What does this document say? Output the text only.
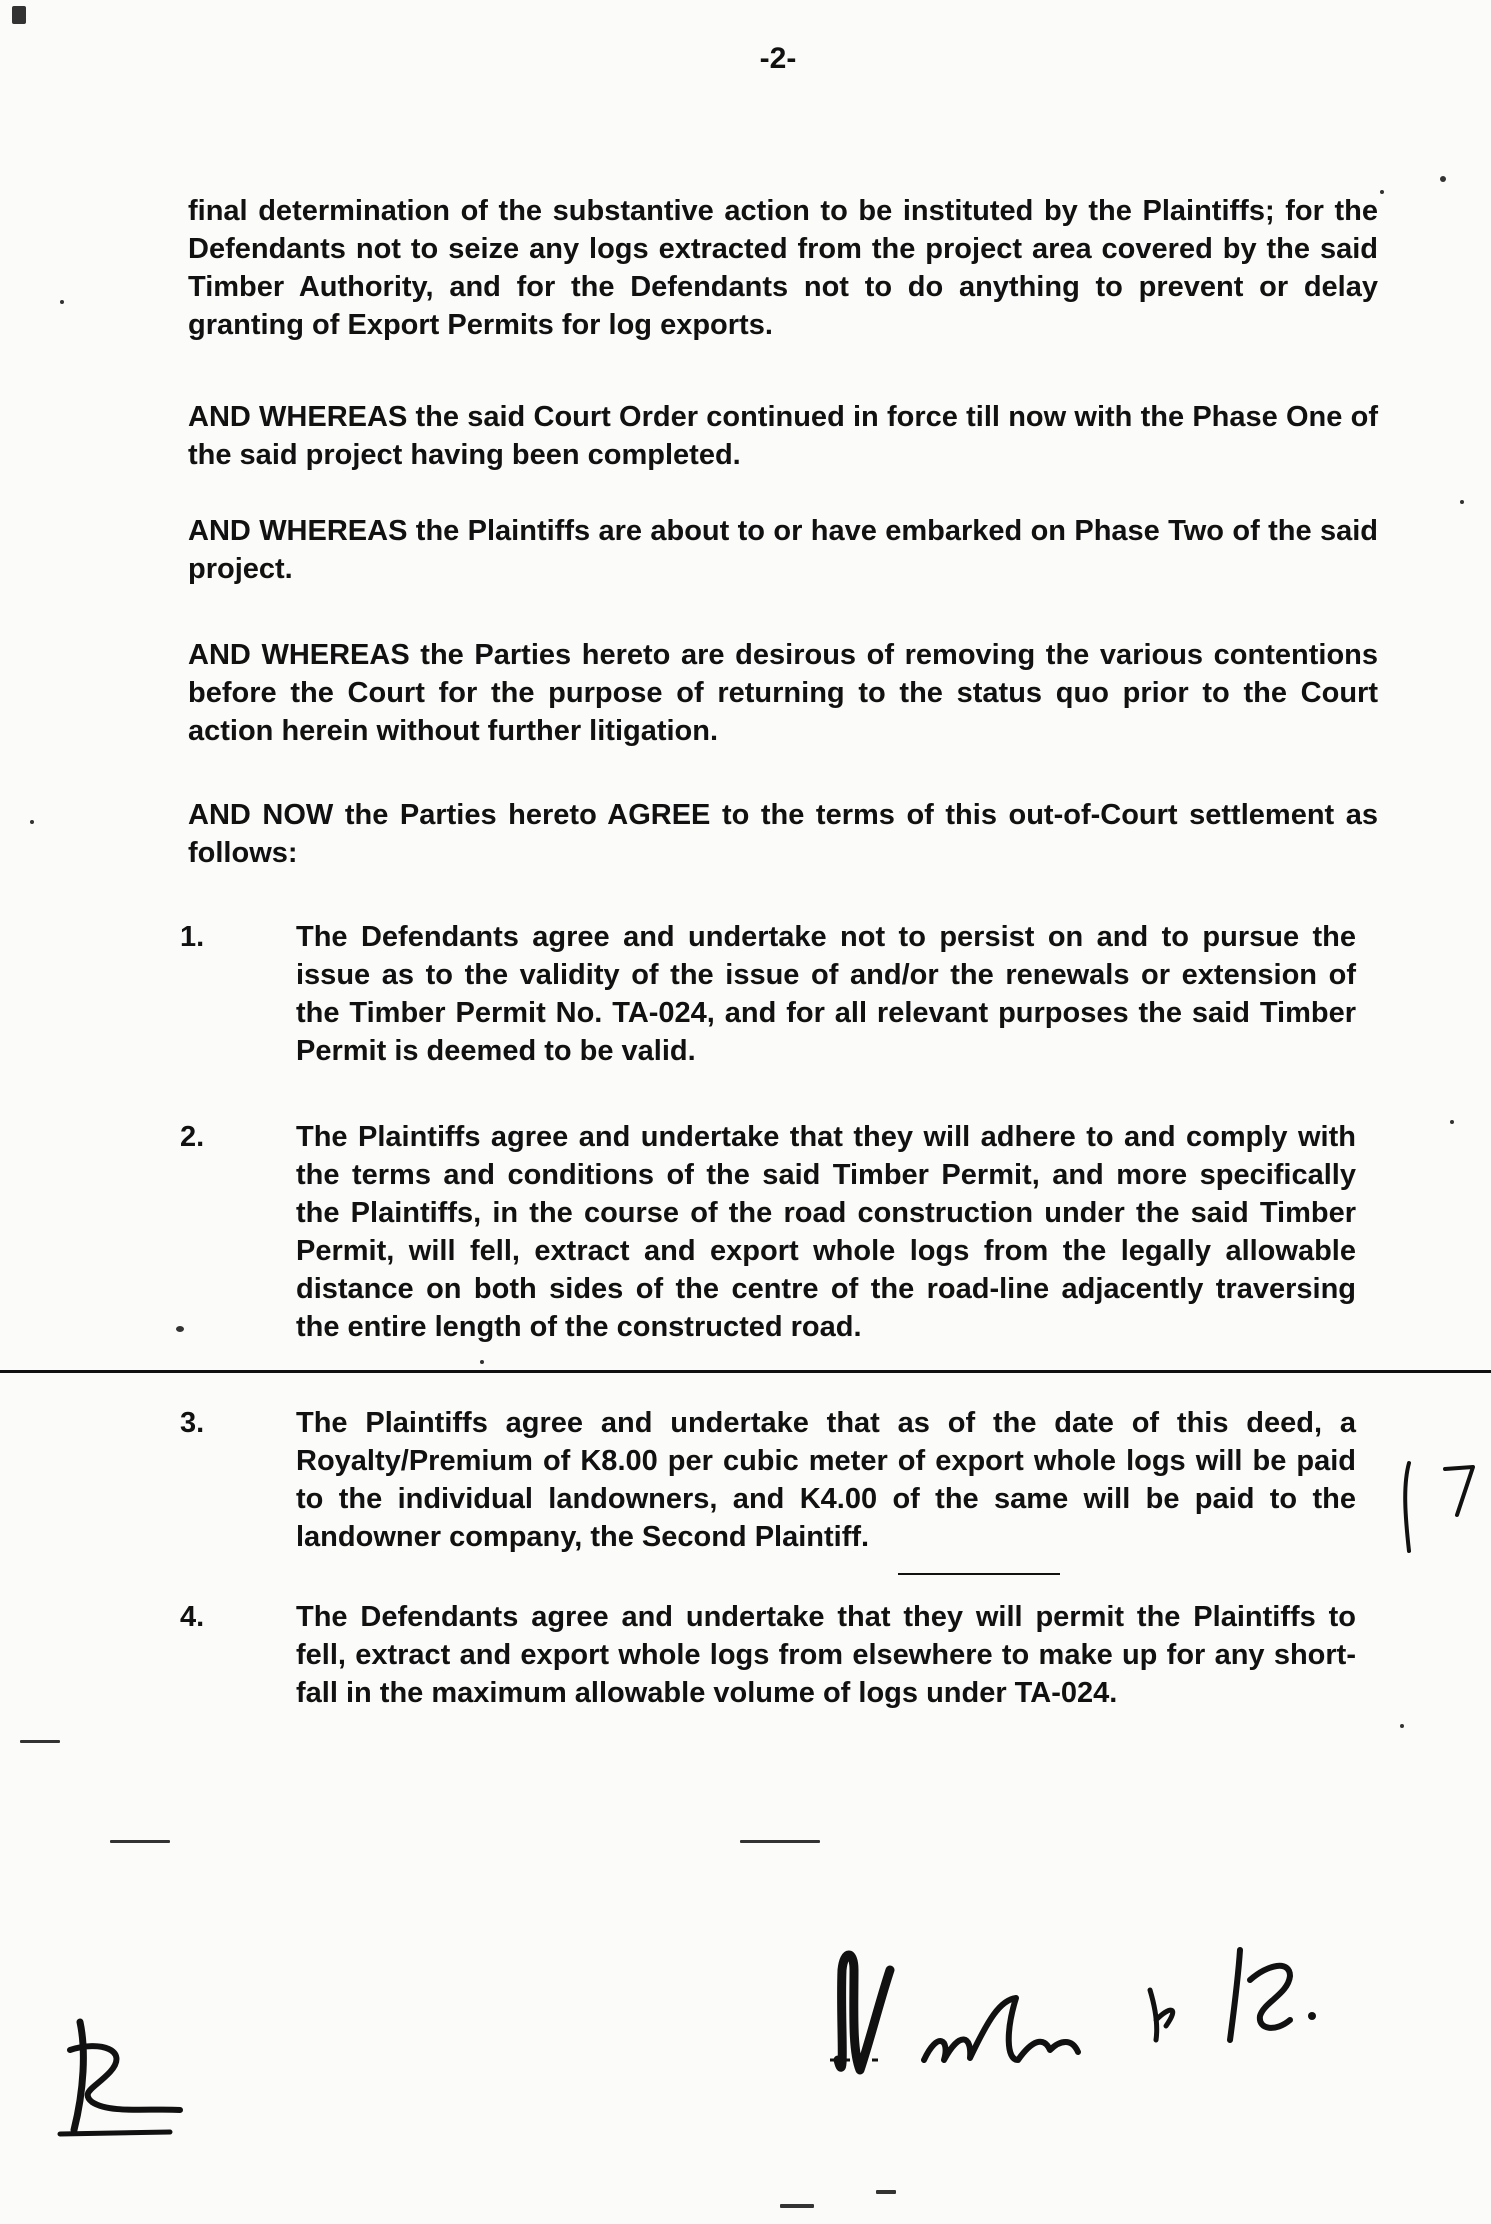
-2-

final determination of the substantive action to be instituted by the Plaintiffs; for the Defendants not to seize any logs extracted from the project area covered by the said Timber Authority, and for the Defendants not to do anything to prevent or delay granting of Export Permits for log exports.

AND WHEREAS the said Court Order continued in force till now with the Phase One of the said project having been completed.

AND WHEREAS the Plaintiffs are about to or have embarked on Phase Two of the said project.

AND WHEREAS the Parties hereto are desirous of removing the various contentions before the Court for the purpose of returning to the status quo prior to the Court action herein without further litigation.

AND NOW the Parties hereto AGREE to the terms of this out-of-Court settlement as follows:

1.	The Defendants agree and undertake not to persist on and to pursue the issue as to the validity of the issue of and/or the renewals or extension of the Timber Permit No. TA-024, and for all relevant purposes the said Timber Permit is deemed to be valid.
2.	The Plaintiffs agree and undertake that they will adhere to and comply with the terms and conditions of the said Timber Permit, and more specifically the Plaintiffs, in the course of the road construction under the said Timber Permit, will fell, extract and export whole logs from the legally allowable distance on both sides of the centre of the road-line adjacently traversing the entire length of the constructed road.
3.	The Plaintiffs agree and undertake that as of the date of this deed, a Royalty/Premium of K8.00 per cubic meter of export whole logs will be paid to the individual landowners, and K4.00 of the same will be paid to the landowner company, the Second Plaintiff.
4.	The Defendants agree and undertake that they will permit the Plaintiffs to fell, extract and export whole logs from elsewhere to make up for any short-fall in the maximum allowable volume of logs under TA-024.
